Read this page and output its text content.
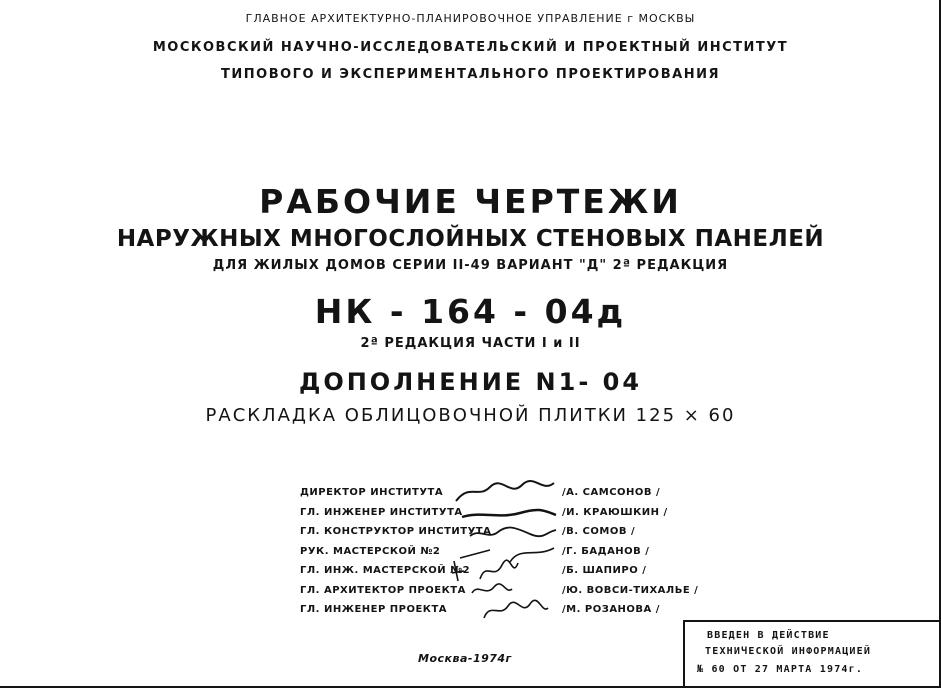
ГЛАВНОЕ АРХИТЕКТУРНО-ПЛАНИРОВОЧНОЕ УПРАВЛЕНИЕ г МОСКВЫ
МОСКОВСКИЙ НАУЧНО-ИССЛЕДОВАТЕЛЬСКИЙ И ПРОЕКТНЫЙ ИНСТИТУТ
ТИПОВОГО И ЭКСПЕРИМЕНТАЛЬНОГО ПРОЕКТИРОВАНИЯ
РАБОЧИЕ ЧЕРТЕЖИ
НАРУЖНЫХ МНОГОСЛОЙНЫХ СТЕНОВЫХ ПАНЕЛЕЙ
ДЛЯ ЖИЛЫХ ДОМОВ СЕРИИ II-49 ВАРИАНТ "Д" 2ª РЕДАКЦИЯ
НК - 164 - 04д
2ª РЕДАКЦИЯ ЧАСТИ I и II
ДОПОЛНЕНИЕ N1- 04
РАСКЛАДКА ОБЛИЦОВОЧНОЙ ПЛИТКИ 125 × 60
ДИРЕКТОР ИНСТИТУТА	/А. САМСОНОВ /
ГЛ. ИНЖЕНЕР ИНСТИТУТА	/И. КРАЮШКИН /
ГЛ. КОНСТРУКТОР ИНСТИТУТА	/В. СОМОВ /
РУК. МАСТЕРСКОЙ №2	/Г. БАДАНОВ /
ГЛ. ИНЖ. МАСТЕРСКОЙ №2	/Б. ШАПИРО /
ГЛ. АРХИТЕКТОР ПРОЕКТА	/Ю. ВОВСИ-ТИХАЛЬЕ /
ГЛ. ИНЖЕНЕР ПРОЕКТА	/М. РОЗАНОВА /
Москва-1974г
ВВЕДЕН В ДЕЙСТВИЕ
ТЕХНИЧЕСКОЙ ИНФОРМАЦИЕЙ
№ 60 ОТ 27 МАРТА 1974г.
